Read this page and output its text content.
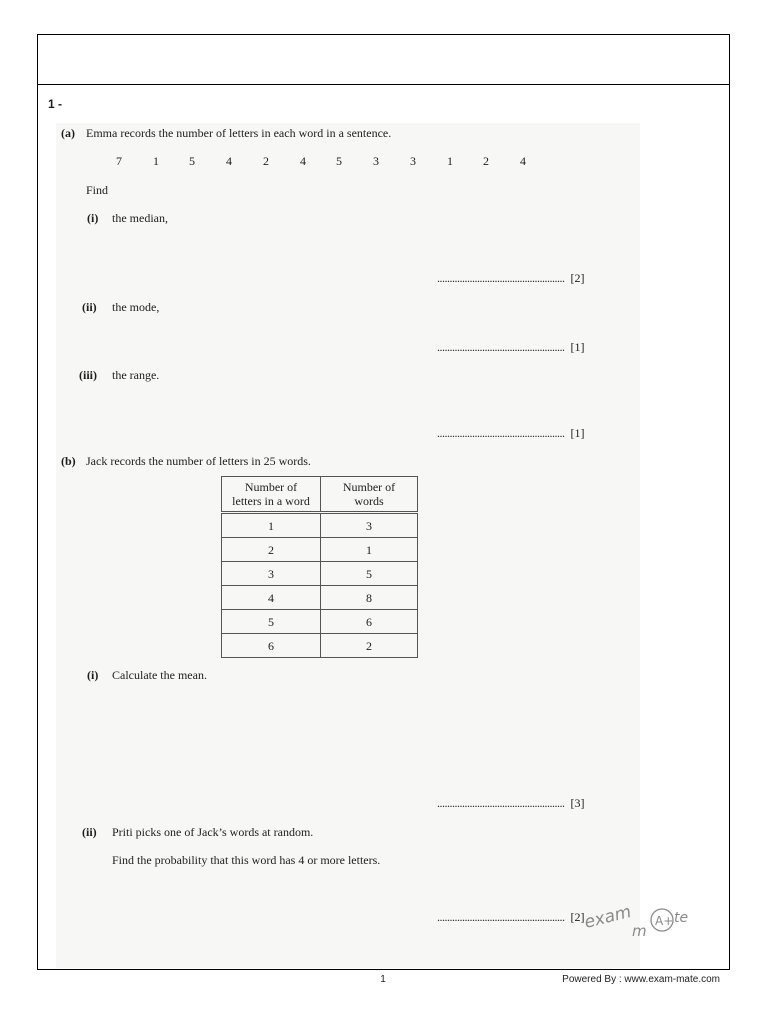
1 -
(a) Emma records the number of letters in each word in a sentence.
7	1	5	4	2	4	5	3	3	1	2	4
Find
(i) the median,
................................................... [2]
(ii) the mode,
................................................... [1]
(iii) the range.
................................................... [1]
(b) Jack records the number of letters in 25 words.
Number of
letters in a word	Number of
words
1	3
2	1
3	5
4	8
5	6
6	2
(i) Calculate the mean.
................................................... [3]
(ii) Priti picks one of Jack’s words at random.
Find the probability that this word has 4 or more letters.
................................................... [2]
exam
m
A+ te
1	Powered By : www.exam-mate.com
